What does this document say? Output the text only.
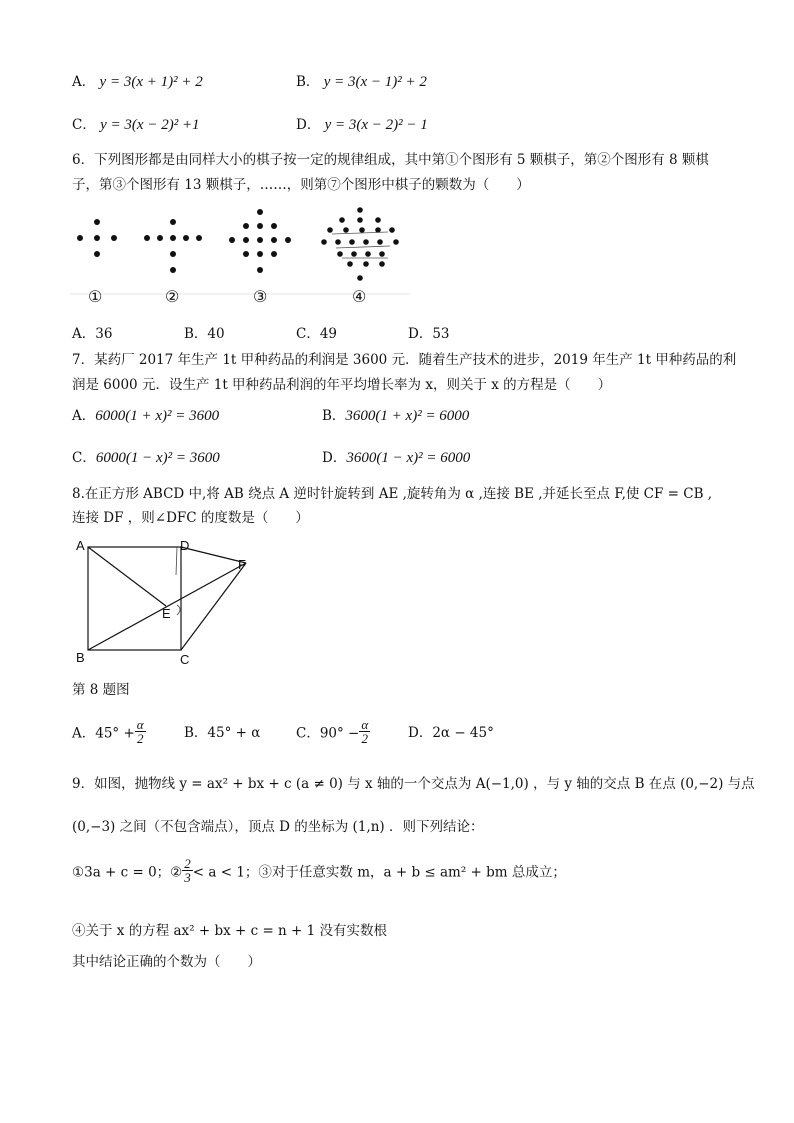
A． y = 3(x + 1)² + 2	B． y = 3(x − 1)² + 2
C． y = 3(x − 2)² +1	D． y = 3(x − 2)² − 1
6．下列图形都是由同样大小的棋子按一定的规律组成，其中第①个图形有 5 颗棋子，第②个图形有 8 颗棋
子，第③个图形有 13 颗棋子，……，则第⑦个图形中棋子的颗数为（　　）
①	②	③	④
A．36	B．40	C．49	D．53
7．某药厂 2017 年生产 1t 甲种药品的利润是 3600 元．随着生产技术的进步，2019 年生产 1t 甲种药品的利
润是 6000 元．设生产 1t 甲种药品利润的年平均增长率为 x，则关于 x 的方程是（　　）
A．6000(1 + x)² = 3600	B．3600(1 + x)² = 6000
C．6000(1 − x)² = 3600	D．3600(1 − x)² = 6000
8.在正方形 ABCD 中,将 AB 绕点 A 逆时针旋转到 AE ,旋转角为 α ,连接 BE ,并延长至点 F,使 CF = CB ,
连接 DF ，则∠DFC 的度数是（　　）
A	D
F
E
B	C
第 8 题图
A．$45^\circ + \frac{\alpha}{2}$	B．45° + α	C．$90^\circ - \frac{\alpha}{2}$	D．2α − 45°
9．如图，抛物线 y = ax² + bx + c (a ≠ 0) 与 x 轴的一个交点为 A(−1,0) ，与 y 轴的交点 B 在点 (0,−2) 与点
(0,−3) 之间（不包含端点），顶点 D 的坐标为 (1,n) ．则下列结论：
①3a + c = 0；② $\frac{2}{3} < a < 1$；③对于任意实数 m，a + b ≤ am² + bm 总成立；
④关于 x 的方程 ax² + bx + c = n + 1 没有实数根
其中结论正确的个数为（　　）
